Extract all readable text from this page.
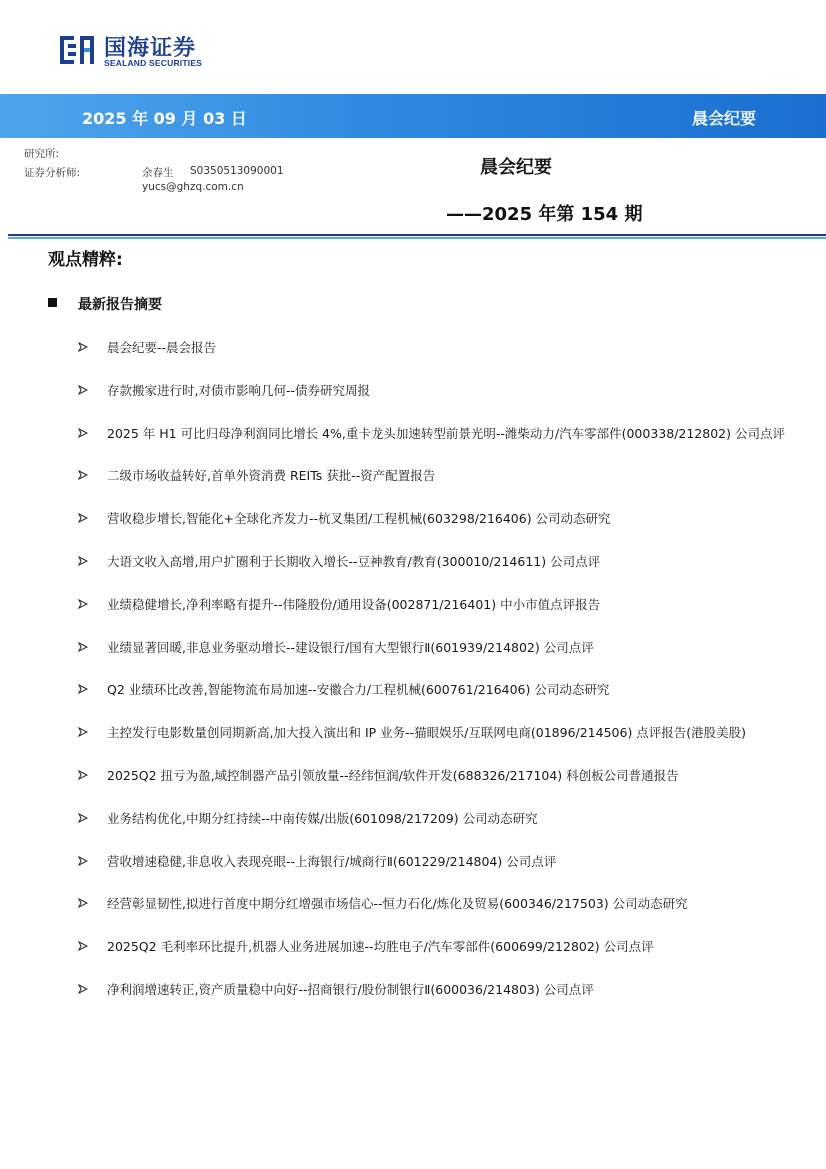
国海证券
SEALAND SECURITIES
2025 年 09 月 03 日	晨会纪要
研究所:
证券分析师:	余春生 S0350513090001
yucs@ghzq.com.cn
晨会纪要
——2025 年第 154 期
观点精粹:
最新报告摘要
晨会纪要--晨会报告
存款搬家进行时,对债市影响几何--债券研究周报
2025 年 H1 可比归母净利润同比增长 4%,重卡龙头加速转型前景光明--潍柴动力/汽车零部件(000338/212802) 公司点评
二级市场收益转好,首单外资消费 REITs 获批--资产配置报告
营收稳步增长,智能化+全球化齐发力--杭叉集团/工程机械(603298/216406) 公司动态研究
大语文收入高增,用户扩圈利于长期收入增长--豆神教育/教育(300010/214611) 公司点评
业绩稳健增长,净利率略有提升--伟隆股份/通用设备(002871/216401) 中小市值点评报告
业绩显著回暖,非息业务驱动增长--建设银行/国有大型银行Ⅱ(601939/214802) 公司点评
Q2 业绩环比改善,智能物流布局加速--安徽合力/工程机械(600761/216406) 公司动态研究
主控发行电影数量创同期新高,加大投入演出和 IP 业务--猫眼娱乐/互联网电商(01896/214506) 点评报告(港股美股)
2025Q2 扭亏为盈,域控制器产品引领放量--经纬恒润/软件开发(688326/217104) 科创板公司普通报告
业务结构优化,中期分红持续--中南传媒/出版(601098/217209) 公司动态研究
营收增速稳健,非息收入表现亮眼--上海银行/城商行Ⅱ(601229/214804) 公司点评
经营彰显韧性,拟进行首度中期分红增强市场信心--恒力石化/炼化及贸易(600346/217503) 公司动态研究
2025Q2 毛利率环比提升,机器人业务进展加速--均胜电子/汽车零部件(600699/212802) 公司点评
净利润增速转正,资产质量稳中向好--招商银行/股份制银行Ⅱ(600036/214803) 公司点评
